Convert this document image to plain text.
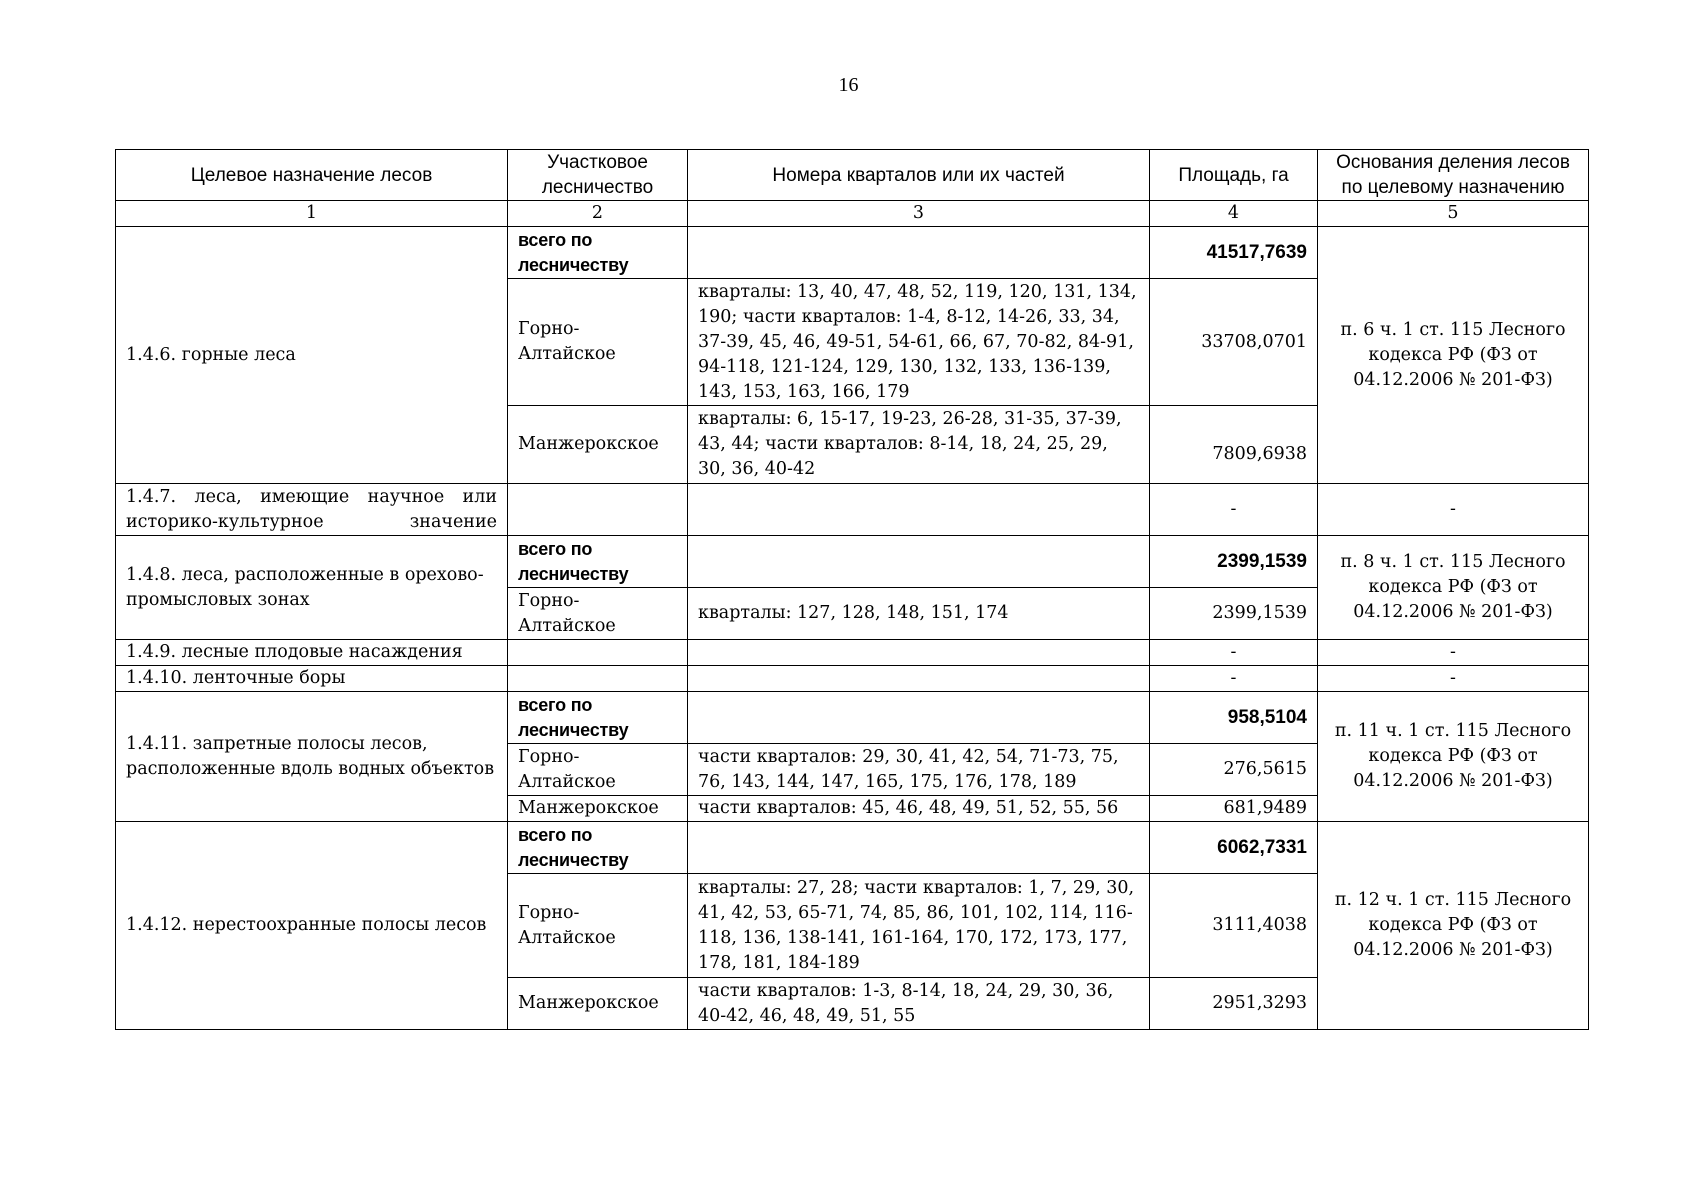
16
Целевое назначение лесов	Участковое лесничество	Номера кварталов или их частей	Площадь, га	Основания деления лесов по целевому назначению
1	2	3	4	5
1.4.6. горные леса	всего по лесничеству		41517,7639	п. 6 ч. 1 ст. 115 Лесного кодекса РФ (ФЗ от 04.12.2006 № 201-ФЗ)
	Горно-Алтайское	кварталы: 13, 40, 47, 48, 52, 119, 120, 131, 134, 190; части кварталов: 1-4, 8-12, 14-26, 33, 34, 37-39, 45, 46, 49-51, 54-61, 66, 67, 70-82, 84-91, 94-118, 121-124, 129, 130, 132, 133, 136-139, 143, 153, 163, 166, 179	33708,0701	
	Манжерокское	кварталы: 6, 15-17, 19-23, 26-28, 31-35, 37-39, 43, 44; части кварталов: 8-14, 18, 24, 25, 29, 30, 36, 40-42	7809,6938	

1.4.7. леса, имеющие научное или историко-культурное значение			-	-
1.4.8. леса, расположенные в орехово-промысловых зонах	всего по лесничеству		2399,1539	п. 8 ч. 1 ст. 115 Лесного кодекса РФ (ФЗ от 04.12.2006 № 201-ФЗ)
	Горно-Алтайское	кварталы: 127, 128, 148, 151, 174	2399,1539	
1.4.9. лесные плодовые насаждения			-	-
1.4.10. ленточные боры			-	-
1.4.11. запретные полосы лесов, расположенные вдоль водных объектов	всего по лесничеству		958,5104	п. 11 ч. 1 ст. 115 Лесного кодекса РФ (ФЗ от 04.12.2006 № 201-ФЗ)
	Горно-Алтайское	части кварталов: 29, 30, 41, 42, 54, 71-73, 75, 76, 143, 144, 147, 165, 175, 176, 178, 189	276,5615	
	Манжерокское	части кварталов: 45, 46, 48, 49, 51, 52, 55, 56	681,9489	
1.4.12. нерестоохранные полосы лесов	всего по лесничеству		6062,7331	п. 12 ч. 1 ст. 115 Лесного кодекса РФ (ФЗ от 04.12.2006 № 201-ФЗ)
	Горно-Алтайское	кварталы: 27, 28; части кварталов: 1, 7, 29, 30, 41, 42, 53, 65-71, 74, 85, 86, 101, 102, 114, 116-118, 136, 138-141, 161-164, 170, 172, 173, 177, 178, 181, 184-189	3111,4038	
	Манжерокское	части кварталов: 1-3, 8-14, 18, 24, 29, 30, 36, 40-42, 46, 48, 49, 51, 55	2951,3293	
